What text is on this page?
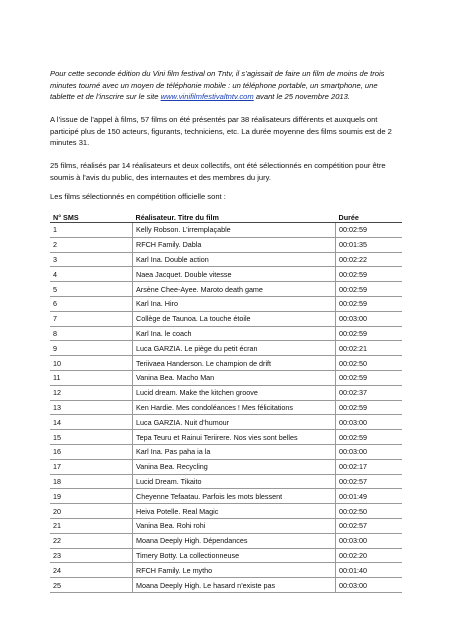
Pour cette seconde édition du Vini film festival on Tntv, il s’agissait de faire un film de moins de trois minutes tourné avec un moyen de téléphonie mobile : un téléphone portable, un smartphone, une tablette et de l’inscrire sur le site www.vinifilmfestivaltntv.com avant le 25 novembre 2013.

A l’issue de l’appel à films, 57 films on été présentés par 38 réalisateurs différents et auxquels ont participé plus de 150 acteurs, figurants, techniciens, etc. La durée moyenne des films soumis est de 2 minutes 31.

25 films, réalisés par 14 réalisateurs et deux collectifs, ont été sélectionnés en compétition pour être soumis à l’avis du public, des internautes et des membres du jury.

Les films sélectionnés en compétition officielle sont :

N° SMS	Réalisateur. Titre du film	Durée
1	Kelly Robson. L’irremplaçable	00:02:59
2	RFCH Family. Dabla	00:01:35
3	Karl Ina. Double action	00:02:22
4	Naea Jacquet. Double vitesse	00:02:59
5	Arsène Chee-Ayee. Maroto death game	00:02:59
6	Karl Ina. Hiro	00:02:59
7	Collège de Taunoa. La touche étoile	00:03:00
8	Karl Ina. le coach	00:02:59
9	Luca GARZIA. Le piège du petit écran	00:02:21
10	Teriivaea Handerson. Le champion de drift	00:02:50
11	Vanina Bea. Macho Man	00:02:59
12	Lucid dream. Make the kitchen groove	00:02:37
13	Ken Hardie. Mes condoléances ! Mes félicitations	00:02:59
14	Luca GARZIA. Nuit d’humour	00:03:00
15	Tepa Teuru et Rainui Teriirere. Nos vies sont belles	00:02:59
16	Karl Ina. Pas paha ia la	00:03:00
17	Vanina Bea. Recycling	00:02:17
18	Lucid Dream. Tikaito	00:02:57
19	Cheyenne Tefaatau. Parfois les mots blessent	00:01:49
20	Heiva Potelle. Real Magic	00:02:50
21	Vanina Bea. Rohi rohi	00:02:57
22	Moana Deeply High. Dépendances	00:03:00
23	Timery Botty. La collectionneuse	00:02:20
24	RFCH Family. Le mytho	00:01:40
25	Moana Deeply High. Le hasard n’existe pas	00:03:00
